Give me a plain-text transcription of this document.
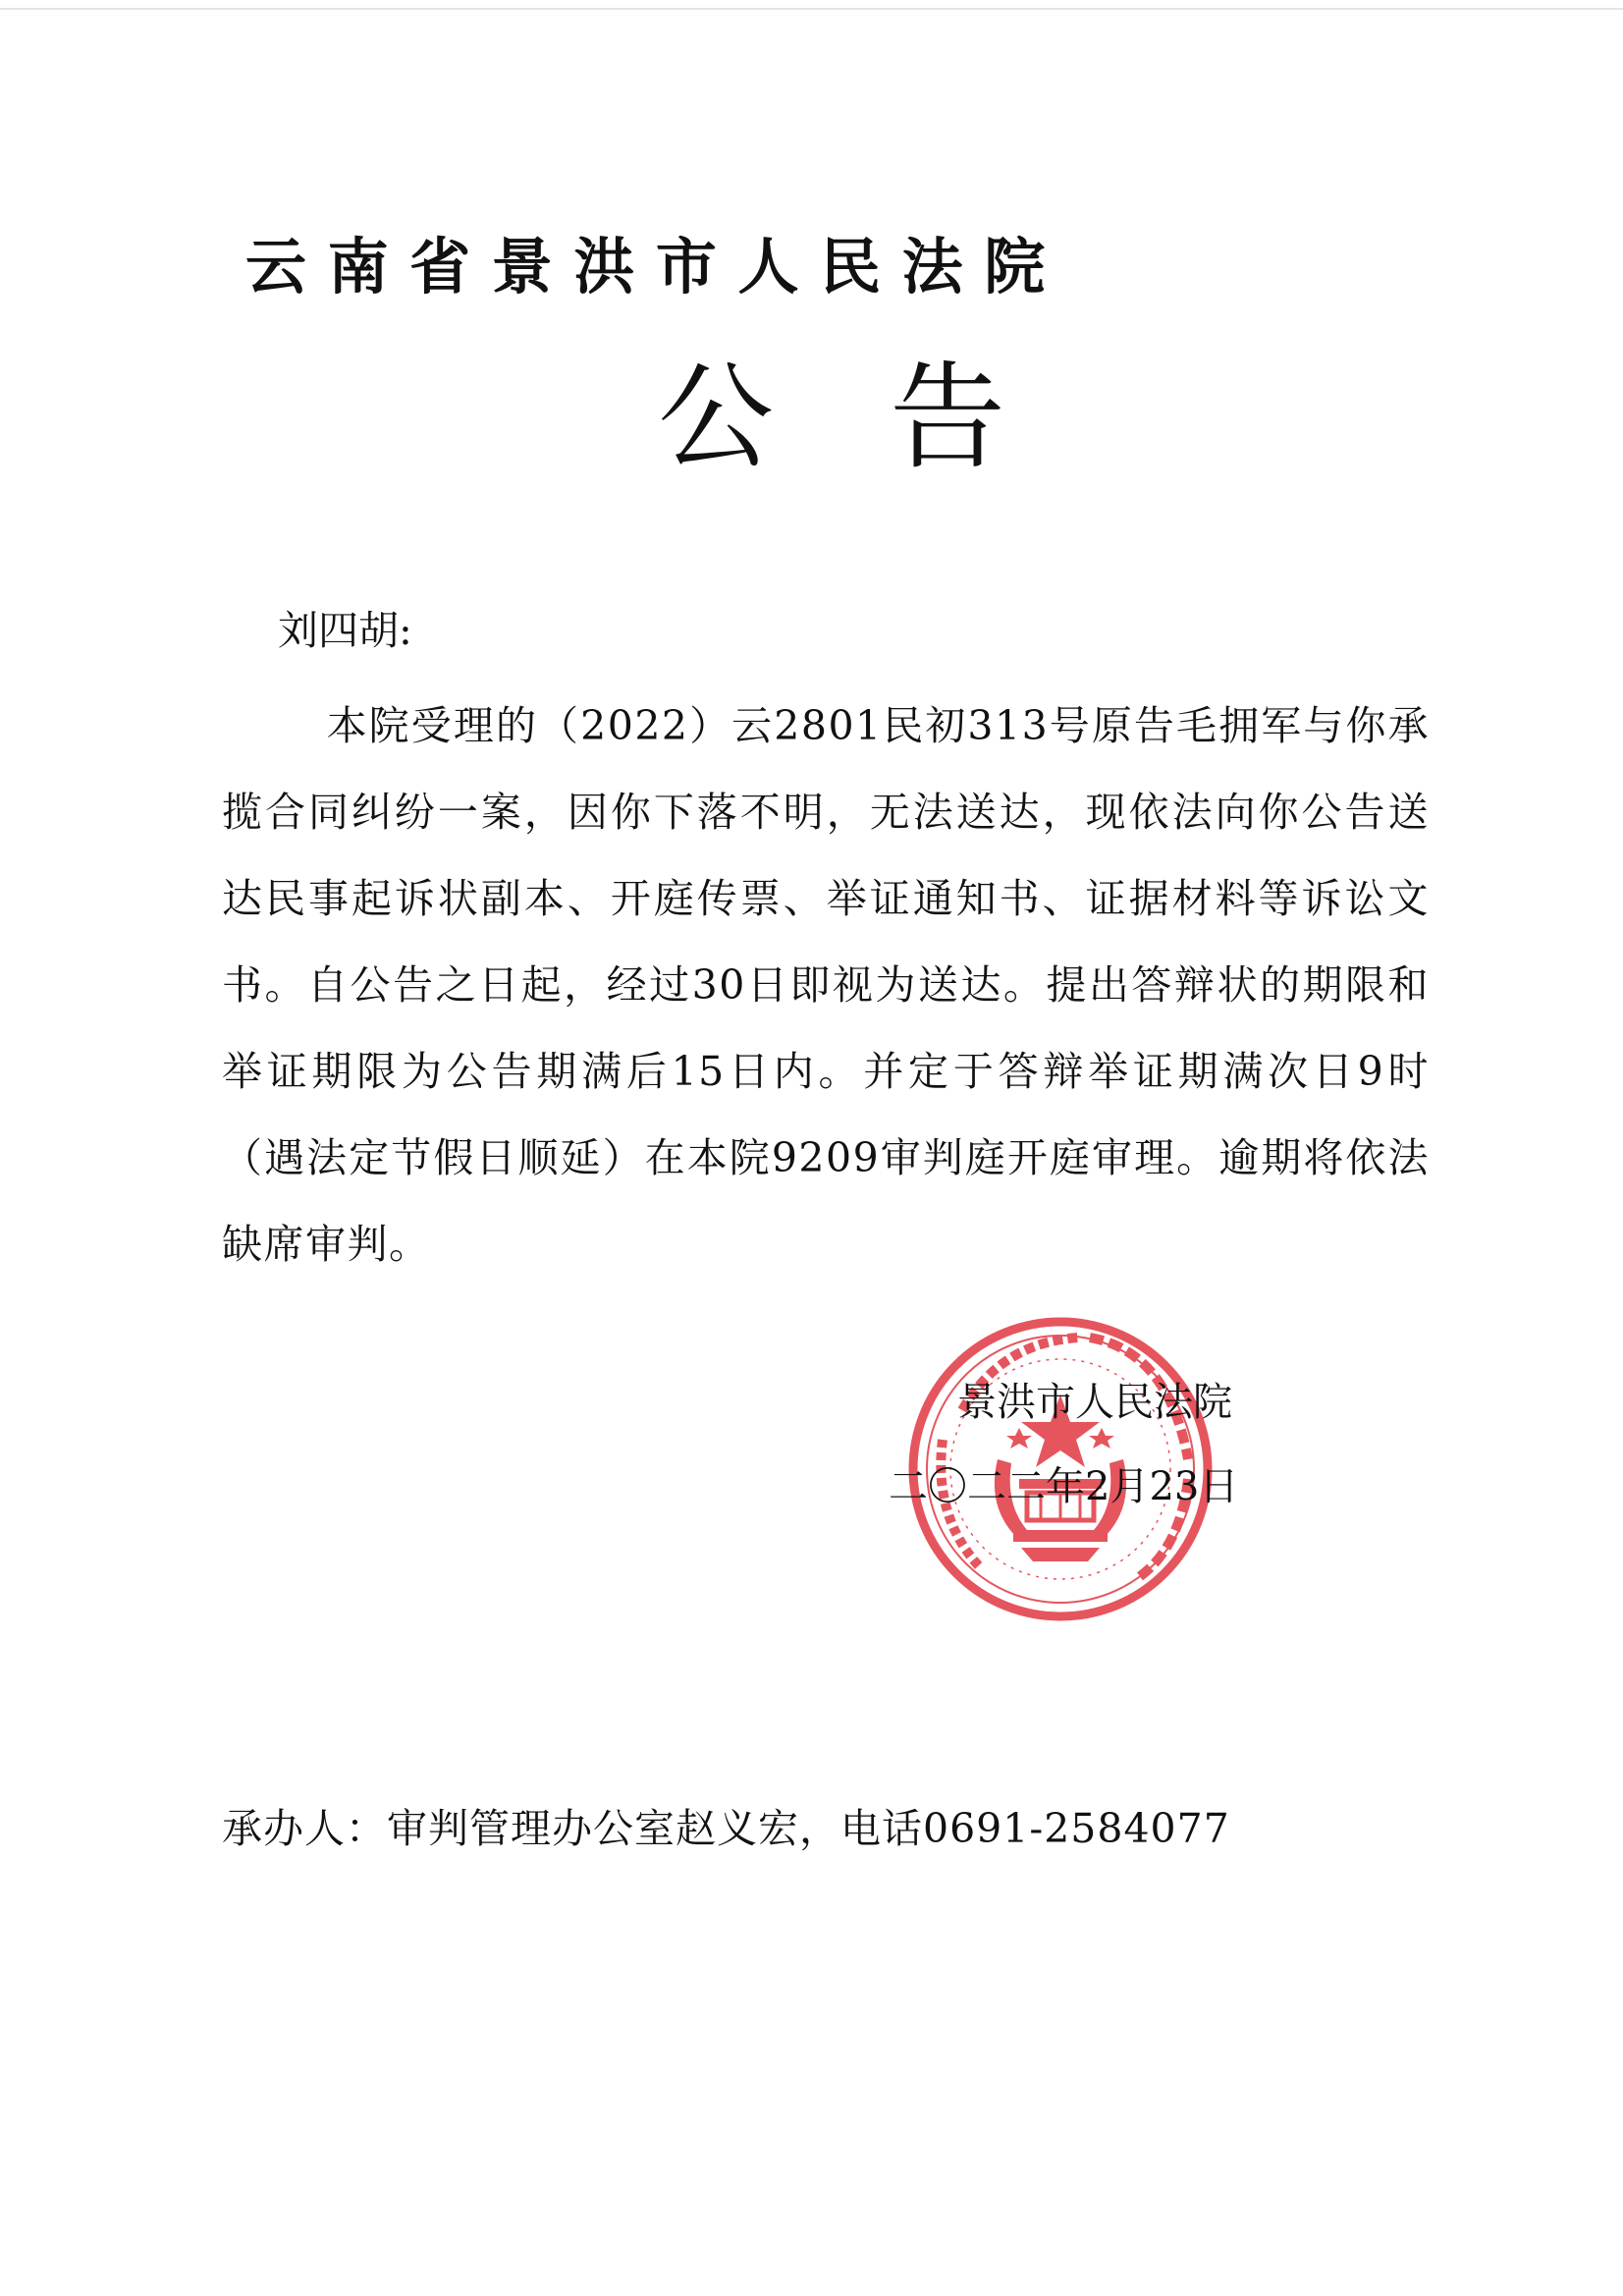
云 南 省 景 洪 市 人 民 法 院
公告
刘四胡:
本院受理的（2022）云2801民初313号原告毛拥军与你承揽合同纠纷一案，因你下落不明，无法送达，现依法向你公告送达民事起诉状副本、开庭传票、举证通知书、证据材料等诉讼文书。自公告之日起，经过30日即视为送达。提出答辩状的期限和举证期限为公告期满后15日内。并定于答辩举证期满次日9时（遇法定节假日顺延）在本院9209审判庭开庭审理。逾期将依法缺席审判。
景洪市人民法院
二〇二二年2月23日
承办人：审判管理办公室赵义宏，电话0691-2584077
